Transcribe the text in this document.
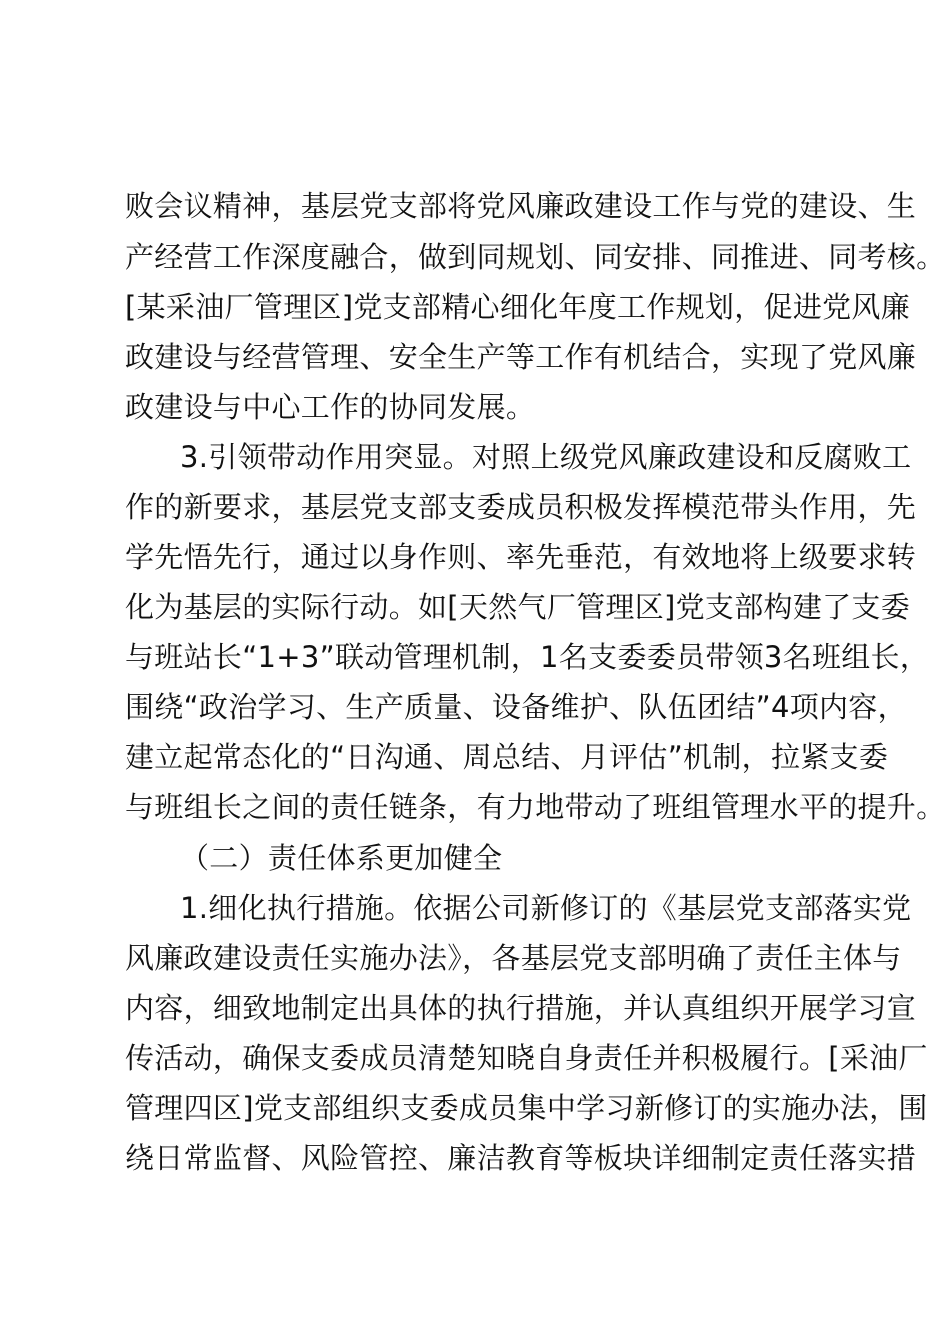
败会议精神，基层党支部将党风廉政建设工作与党的建设、生
产经营工作深度融合，做到同规划、同安排、同推进、同考核。
[某采油厂管理区]党支部精心细化年度工作规划，促进党风廉
政建设与经营管理、安全生产等工作有机结合，实现了党风廉
政建设与中心工作的协同发展。
3.引领带动作用突显。对照上级党风廉政建设和反腐败工
作的新要求，基层党支部支委成员积极发挥模范带头作用，先
学先悟先行，通过以身作则、率先垂范，有效地将上级要求转
化为基层的实际行动。如[天然气厂管理区]党支部构建了支委
与班站长“1+3”联动管理机制，1名支委委员带领3名班组长，
围绕“政治学习、生产质量、设备维护、队伍团结”4项内容，
建立起常态化的“日沟通、周总结、月评估”机制，拉紧支委
与班组长之间的责任链条，有力地带动了班组管理水平的提升。
（二）责任体系更加健全
1.细化执行措施。依据公司新修订的《基层党支部落实党
风廉政建设责任实施办法》，各基层党支部明确了责任主体与
内容，细致地制定出具体的执行措施，并认真组织开展学习宣
传活动，确保支委成员清楚知晓自身责任并积极履行。[采油厂
管理四区]党支部组织支委成员集中学习新修订的实施办法，围
绕日常监督、风险管控、廉洁教育等板块详细制定责任落实措
